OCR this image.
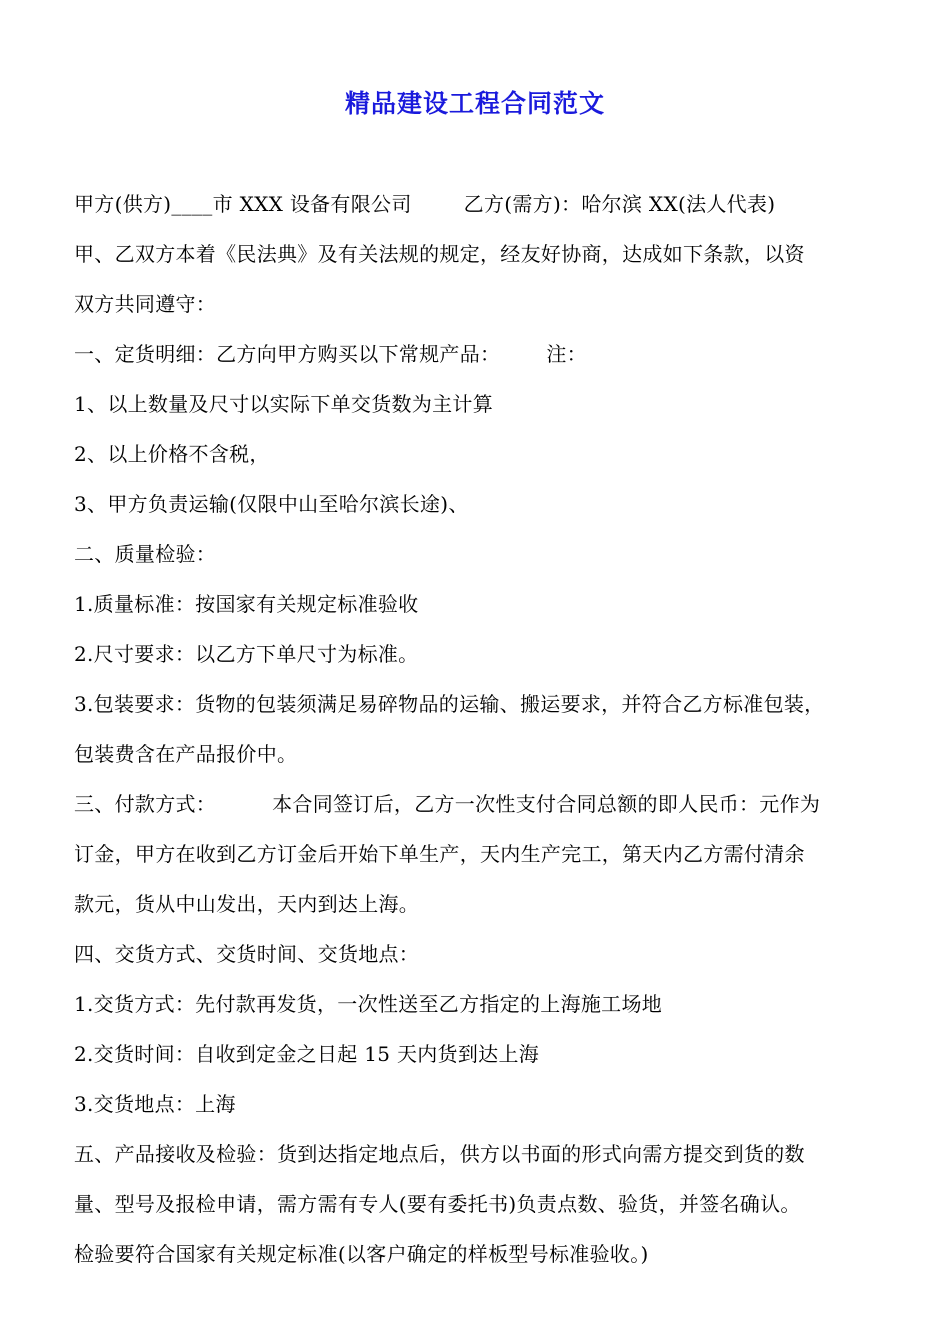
精品建设工程合同范文
甲方(供方)____市 XXX 设备有限公司	乙方(需方)：哈尔滨 XX(法人代表)
甲、乙双方本着《民法典》及有关法规的规定，经友好协商，达成如下条款，以资
双方共同遵守：
一、定货明细：乙方向甲方购买以下常规产品： 注：
1、以上数量及尺寸以实际下单交货数为主计算
2、以上价格不含税，
3、甲方负责运输(仅限中山至哈尔滨长途)、
二、质量检验：
1.质量标准：按国家有关规定标准验收
2.尺寸要求：以乙方下单尺寸为标准。
3.包装要求：货物的包装须满足易碎物品的运输、搬运要求，并符合乙方标准包装，
包装费含在产品报价中。
三、付款方式：	本合同签订后，乙方一次性支付合同总额的即人民币：元作为
订金，甲方在收到乙方订金后开始下单生产，天内生产完工，第天内乙方需付清余
款元，货从中山发出，天内到达上海。
四、交货方式、交货时间、交货地点：
1.交货方式：先付款再发货，一次性送至乙方指定的上海施工场地
2.交货时间：自收到定金之日起 15 天内货到达上海
3.交货地点：上海
五、产品接收及检验：货到达指定地点后，供方以书面的形式向需方提交到货的数
量、型号及报检申请，需方需有专人(要有委托书)负责点数、验货，并签名确认。
检验要符合国家有关规定标准(以客户确定的样板型号标准验收。)
